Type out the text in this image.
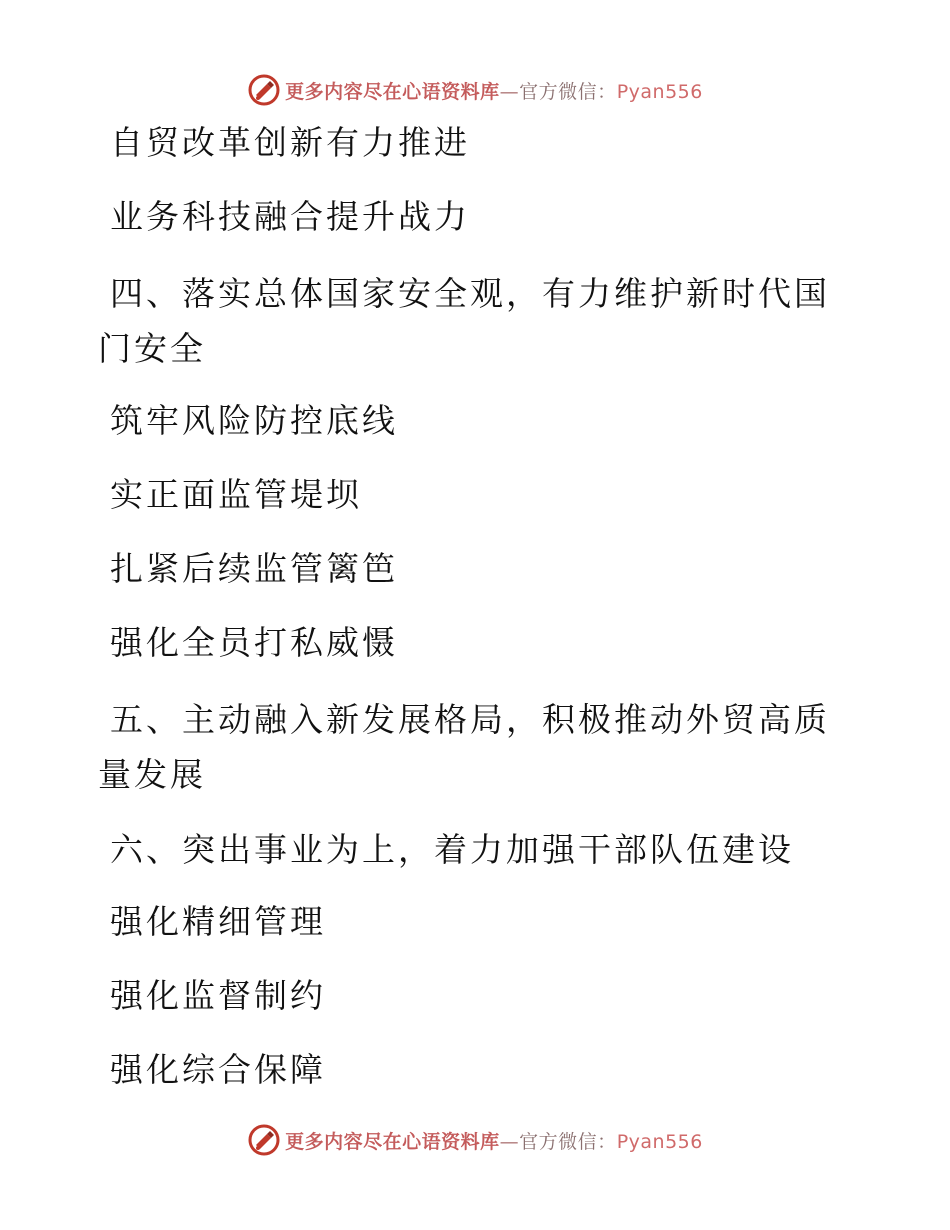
更多内容尽在心语资料库—官方微信：Pyan556
自贸改革创新有力推进
业务科技融合提升战力
四、落实总体国家安全观，有力维护新时代国门安全
筑牢风险防控底线
实正面监管堤坝
扎紧后续监管篱笆
强化全员打私威慑
五、主动融入新发展格局，积极推动外贸高质量发展
六、突出事业为上，着力加强干部队伍建设
强化精细管理
强化监督制约
强化综合保障
更多内容尽在心语资料库—官方微信：Pyan556
